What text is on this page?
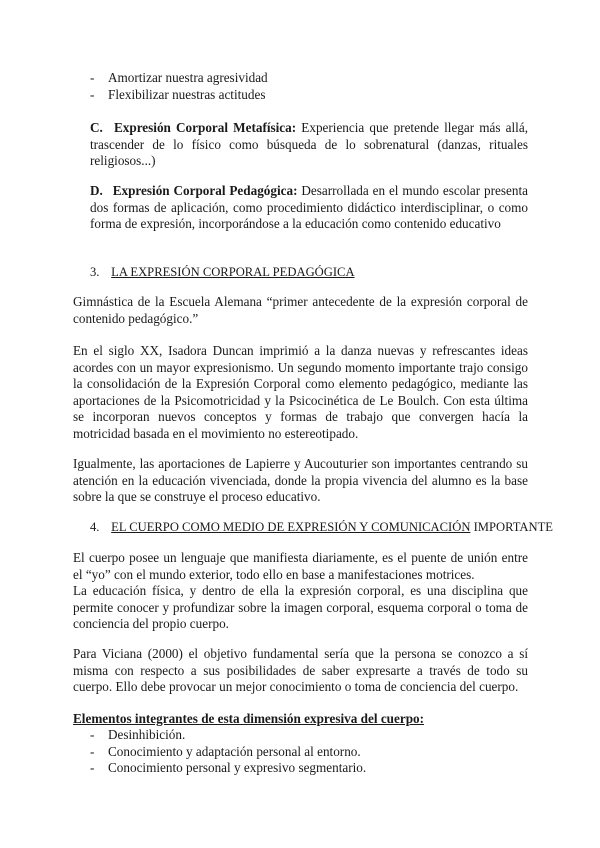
- Amortizar nuestra agresividad
- Flexibilizar nuestras actitudes
C. Expresión Corporal Metafísica: Experiencia que pretende llegar más allá, trascender de lo físico como búsqueda de lo sobrenatural (danzas, rituales religiosos...)
D. Expresión Corporal Pedagógica: Desarrollada en el mundo escolar presenta dos formas de aplicación, como procedimiento didáctico interdisciplinar, o como forma de expresión, incorporándose a la educación como contenido educativo
3. LA EXPRESIÓN CORPORAL PEDAGÓGICA
Gimnástica de la Escuela Alemana “primer antecedente de la expresión corporal de contenido pedagógico.”
En el siglo XX, Isadora Duncan imprimió a la danza nuevas y refrescantes ideas acordes con un mayor expresionismo. Un segundo momento importante trajo consigo la consolidación de la Expresión Corporal como elemento pedagógico, mediante las aportaciones de la Psicomotricidad y la Psicocinética de Le Boulch. Con esta última se incorporan nuevos conceptos y formas de trabajo que convergen hacía la motricidad basada en el movimiento no estereotipado.
Igualmente, las aportaciones de Lapierre y Aucouturier son importantes centrando su atención en la educación vivenciada, donde la propia vivencia del alumno es la base sobre la que se construye el proceso educativo.
4. EL CUERPO COMO MEDIO DE EXPRESIÓN Y COMUNICACIÓN IMPORTANTE
El cuerpo posee un lenguaje que manifiesta diariamente, es el puente de unión entre el “yo” con el mundo exterior, todo ello en base a manifestaciones motrices.
La educación física, y dentro de ella la expresión corporal, es una disciplina que permite conocer y profundizar sobre la imagen corporal, esquema corporal o toma de conciencia del propio cuerpo.
Para Viciana (2000) el objetivo fundamental sería que la persona se conozco a sí misma con respecto a sus posibilidades de saber expresarte a través de todo su cuerpo. Ello debe provocar un mejor conocimiento o toma de conciencia del cuerpo.
Elementos integrantes de esta dimensión expresiva del cuerpo:
- Desinhibición.
- Conocimiento y adaptación personal al entorno.
- Conocimiento personal y expresivo segmentario.
